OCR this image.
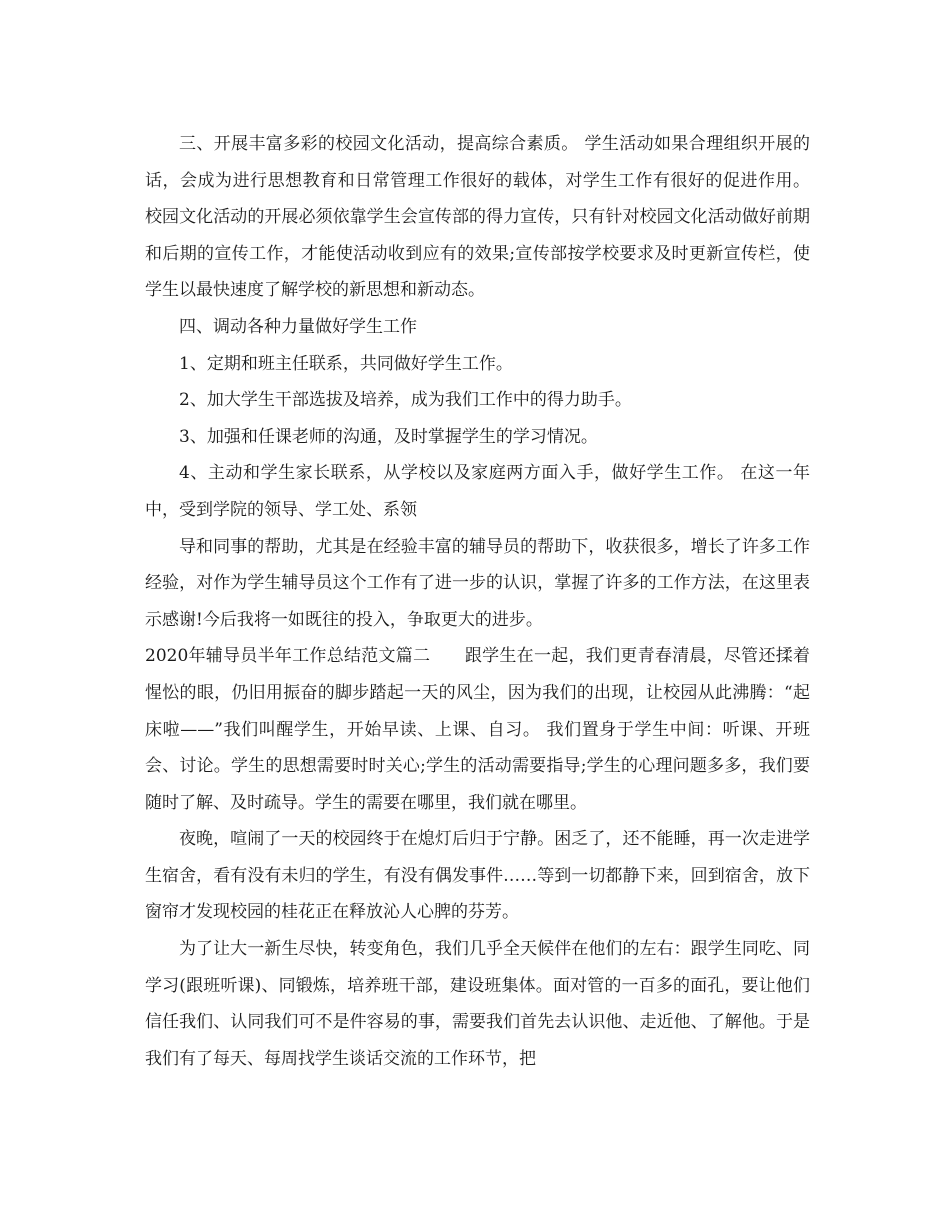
三、开展丰富多彩的校园文化活动，提高综合素质。 学生活动如果合理组织开展的话，会成为进行思想教育和日常管理工作很好的载体，对学生工作有很好的促进作用。 校园文化活动的开展必须依靠学生会宣传部的得力宣传，只有针对校园文化活动做好前期和后期的宣传工作，才能使活动收到应有的效果;宣传部按学校要求及时更新宣传栏，使学生以最快速度了解学校的新思想和新动态。

四、调动各种力量做好学生工作

1、定期和班主任联系，共同做好学生工作。

2、加大学生干部选拔及培养，成为我们工作中的得力助手。

3、加强和任课老师的沟通，及时掌握学生的学习情况。

4、主动和学生家长联系，从学校以及家庭两方面入手，做好学生工作。 在这一年中，受到学院的领导、学工处、系领

导和同事的帮助，尤其是在经验丰富的辅导员的帮助下，收获很多，增长了许多工作经验，对作为学生辅导员这个工作有了进一步的认识，掌握了许多的工作方法，在这里表示感谢!今后我将一如既往的投入，争取更大的进步。

2020年辅导员半年工作总结范文篇二　　跟学生在一起，我们更青春清晨，尽管还揉着惺忪的眼，仍旧用振奋的脚步踏起一天的风尘，因为我们的出现，让校园从此沸腾：“起床啦——”我们叫醒学生，开始早读、上课、自习。 我们置身于学生中间：听课、开班会、讨论。学生的思想需要时时关心;学生的活动需要指导;学生的心理问题多多，我们要随时了解、及时疏导。学生的需要在哪里，我们就在哪里。

夜晚，喧闹了一天的校园终于在熄灯后归于宁静。困乏了，还不能睡，再一次走进学生宿舍，看有没有未归的学生，有没有偶发事件……等到一切都静下来，回到宿舍，放下窗帘才发现校园的桂花正在释放沁人心脾的芬芳。

为了让大一新生尽快，转变角色，我们几乎全天候伴在他们的左右：跟学生同吃、同学习(跟班听课)、同锻炼，培养班干部，建设班集体。面对管的一百多的面孔，要让他们信任我们、认同我们可不是件容易的事，需要我们首先去认识他、走近他、了解他。于是我们有了每天、每周找学生谈话交流的工作环节，把
